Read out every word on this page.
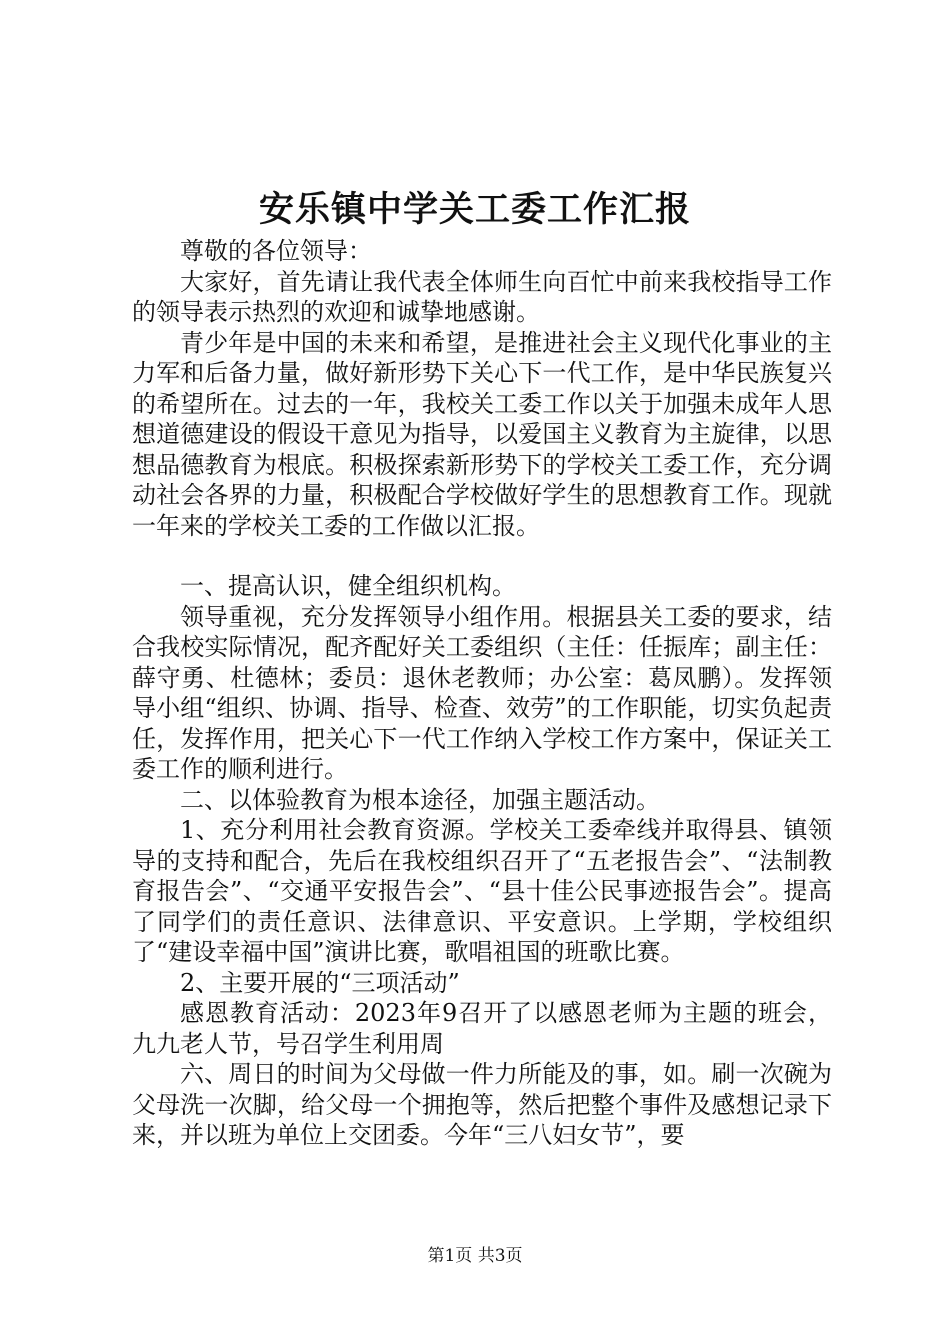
安乐镇中学关工委工作汇报

尊敬的各位领导：

大家好，首先请让我代表全体师生向百忙中前来我校指导工作的领导表示热烈的欢迎和诚挚地感谢。

青少年是中国的未来和希望，是推进社会主义现代化事业的主力军和后备力量，做好新形势下关心下一代工作，是中华民族复兴的希望所在。过去的一年，我校关工委工作以关于加强未成年人思想道德建设的假设干意见为指导，以爱国主义教育为主旋律，以思想品德教育为根底。积极探索新形势下的学校关工委工作，充分调动社会各界的力量，积极配合学校做好学生的思想教育工作。现就一年来的学校关工委的工作做以汇报。

一、提高认识，健全组织机构。

领导重视，充分发挥领导小组作用。根据县关工委的要求，结合我校实际情况，配齐配好关工委组织（主任：任振库；副主任：薛守勇、杜德林；委员：退休老教师；办公室：葛凤鹏）。发挥领导小组“组织、协调、指导、检查、效劳”的工作职能，切实负起责任，发挥作用，把关心下一代工作纳入学校工作方案中，保证关工委工作的顺利进行。

二、以体验教育为根本途径，加强主题活动。

1、充分利用社会教育资源。学校关工委牵线并取得县、镇领导的支持和配合，先后在我校组织召开了“五老报告会”、“法制教育报告会”、“交通平安报告会”、“县十佳公民事迹报告会”。提高了同学们的责任意识、法律意识、平安意识。上学期，学校组织了“建设幸福中国”演讲比赛，歌唱祖国的班歌比赛。

2、主要开展的“三项活动”

感恩教育活动：2023年9召开了以感恩老师为主题的班会，九九老人节，号召学生利用周

六、周日的时间为父母做一件力所能及的事，如。刷一次碗为父母洗一次脚，给父母一个拥抱等，然后把整个事件及感想记录下来，并以班为单位上交团委。今年“三八妇女节”，要

第1页 共3页
